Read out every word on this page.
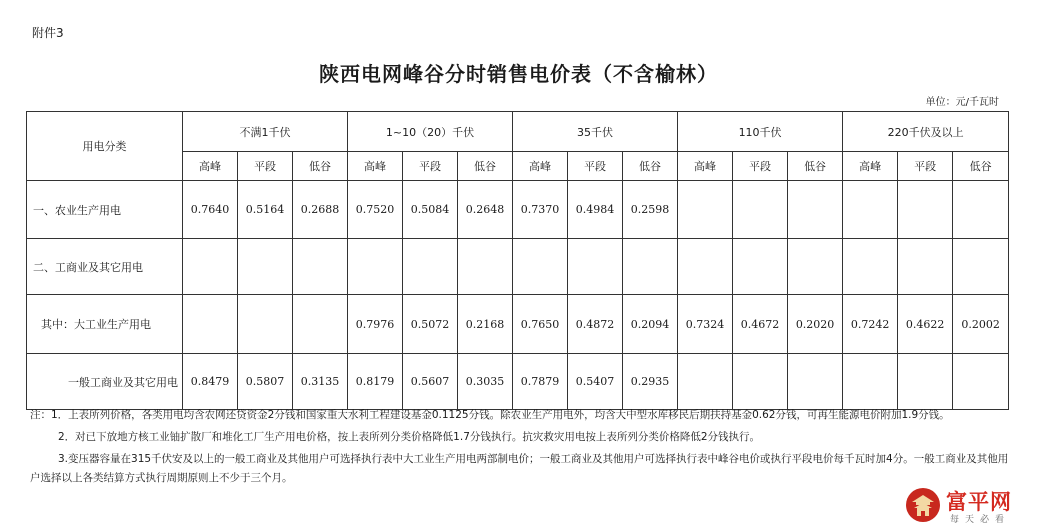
附件3
陕西电网峰谷分时销售电价表（不含榆林）
单位：元/千瓦时
用电分类	不满1千伏			1~10（20）千伏			35千伏			110千伏			220千伏及以上		
	高峰	平段	低谷	高峰	平段	低谷	高峰	平段	低谷	高峰	平段	低谷	高峰	平段	低谷
一、农业生产用电	0.7640	0.5164	0.2688	0.7520	0.5084	0.2648	0.7370	0.4984	0.2598						
二、工商业及其它用电															
其中：大工业生产用电				0.7976	0.5072	0.2168	0.7650	0.4872	0.2094	0.7324	0.4672	0.2020	0.7242	0.4622	0.2002
一般工商业及其它用电	0.8479	0.5807	0.3135	0.8179	0.5607	0.3035	0.7879	0.5407	0.2935						

注：1．上表所列价格，各类用电均含农网还贷资金2分钱和国家重大水利工程建设基金0.1125分钱。除农业生产用电外，均含大中型水库移民后期扶持基金0.62分钱，可再生能源电价附加1.9分钱。

2．对已下放地方核工业铀扩散厂和堆化工厂生产用电价格，按上表所列分类价格降低1.7分钱执行。抗灾救灾用电按上表所列分类价格降低2分钱执行。

3.变压器容量在315千伏安及以上的一般工商业及其他用户可选择执行表中大工业生产用电两部制电价；一般工商业及其他用户可选择执行表中峰谷电价或执行平段电价每千瓦时加4分。一般工商业及其他用户选择以上各类结算方式执行周期原则上不少于三个月。

富平网
每天必看
